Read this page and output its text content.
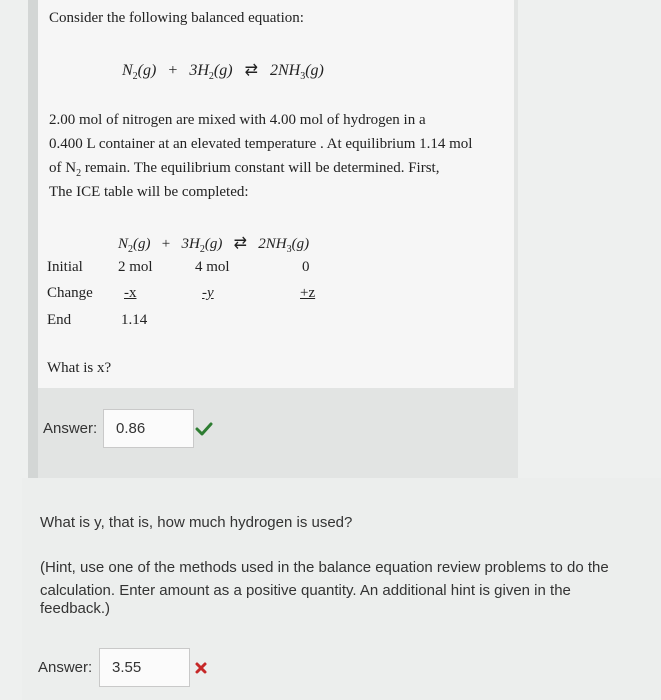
Consider the following balanced equation:
$N_2(g) + 3H_2(g)$ ⇄ $2NH_3(g)$
2.00 mol of nitrogen are mixed with 4.00 mol of hydrogen in a
0.400 L container at an elevated temperature . At equilibrium 1.14 mol
of $N_2$ remain. The equilibrium constant will be determined. First,
The ICE table will be completed:
$N_2(g) + 3H_2(g)$ ⇄ $2NH_3(g)$
Initial 2 mol	4 mol	0
Change -x	-y	+z
End	1.14
What is x?
Answer: 0.86
What is y, that is, how much hydrogen is used?
(Hint, use one of the methods used in the balance equation review problems to do the
calculation. Enter amount as a positive quantity. An additional hint is given in the
feedback.)
Answer: 3.55
